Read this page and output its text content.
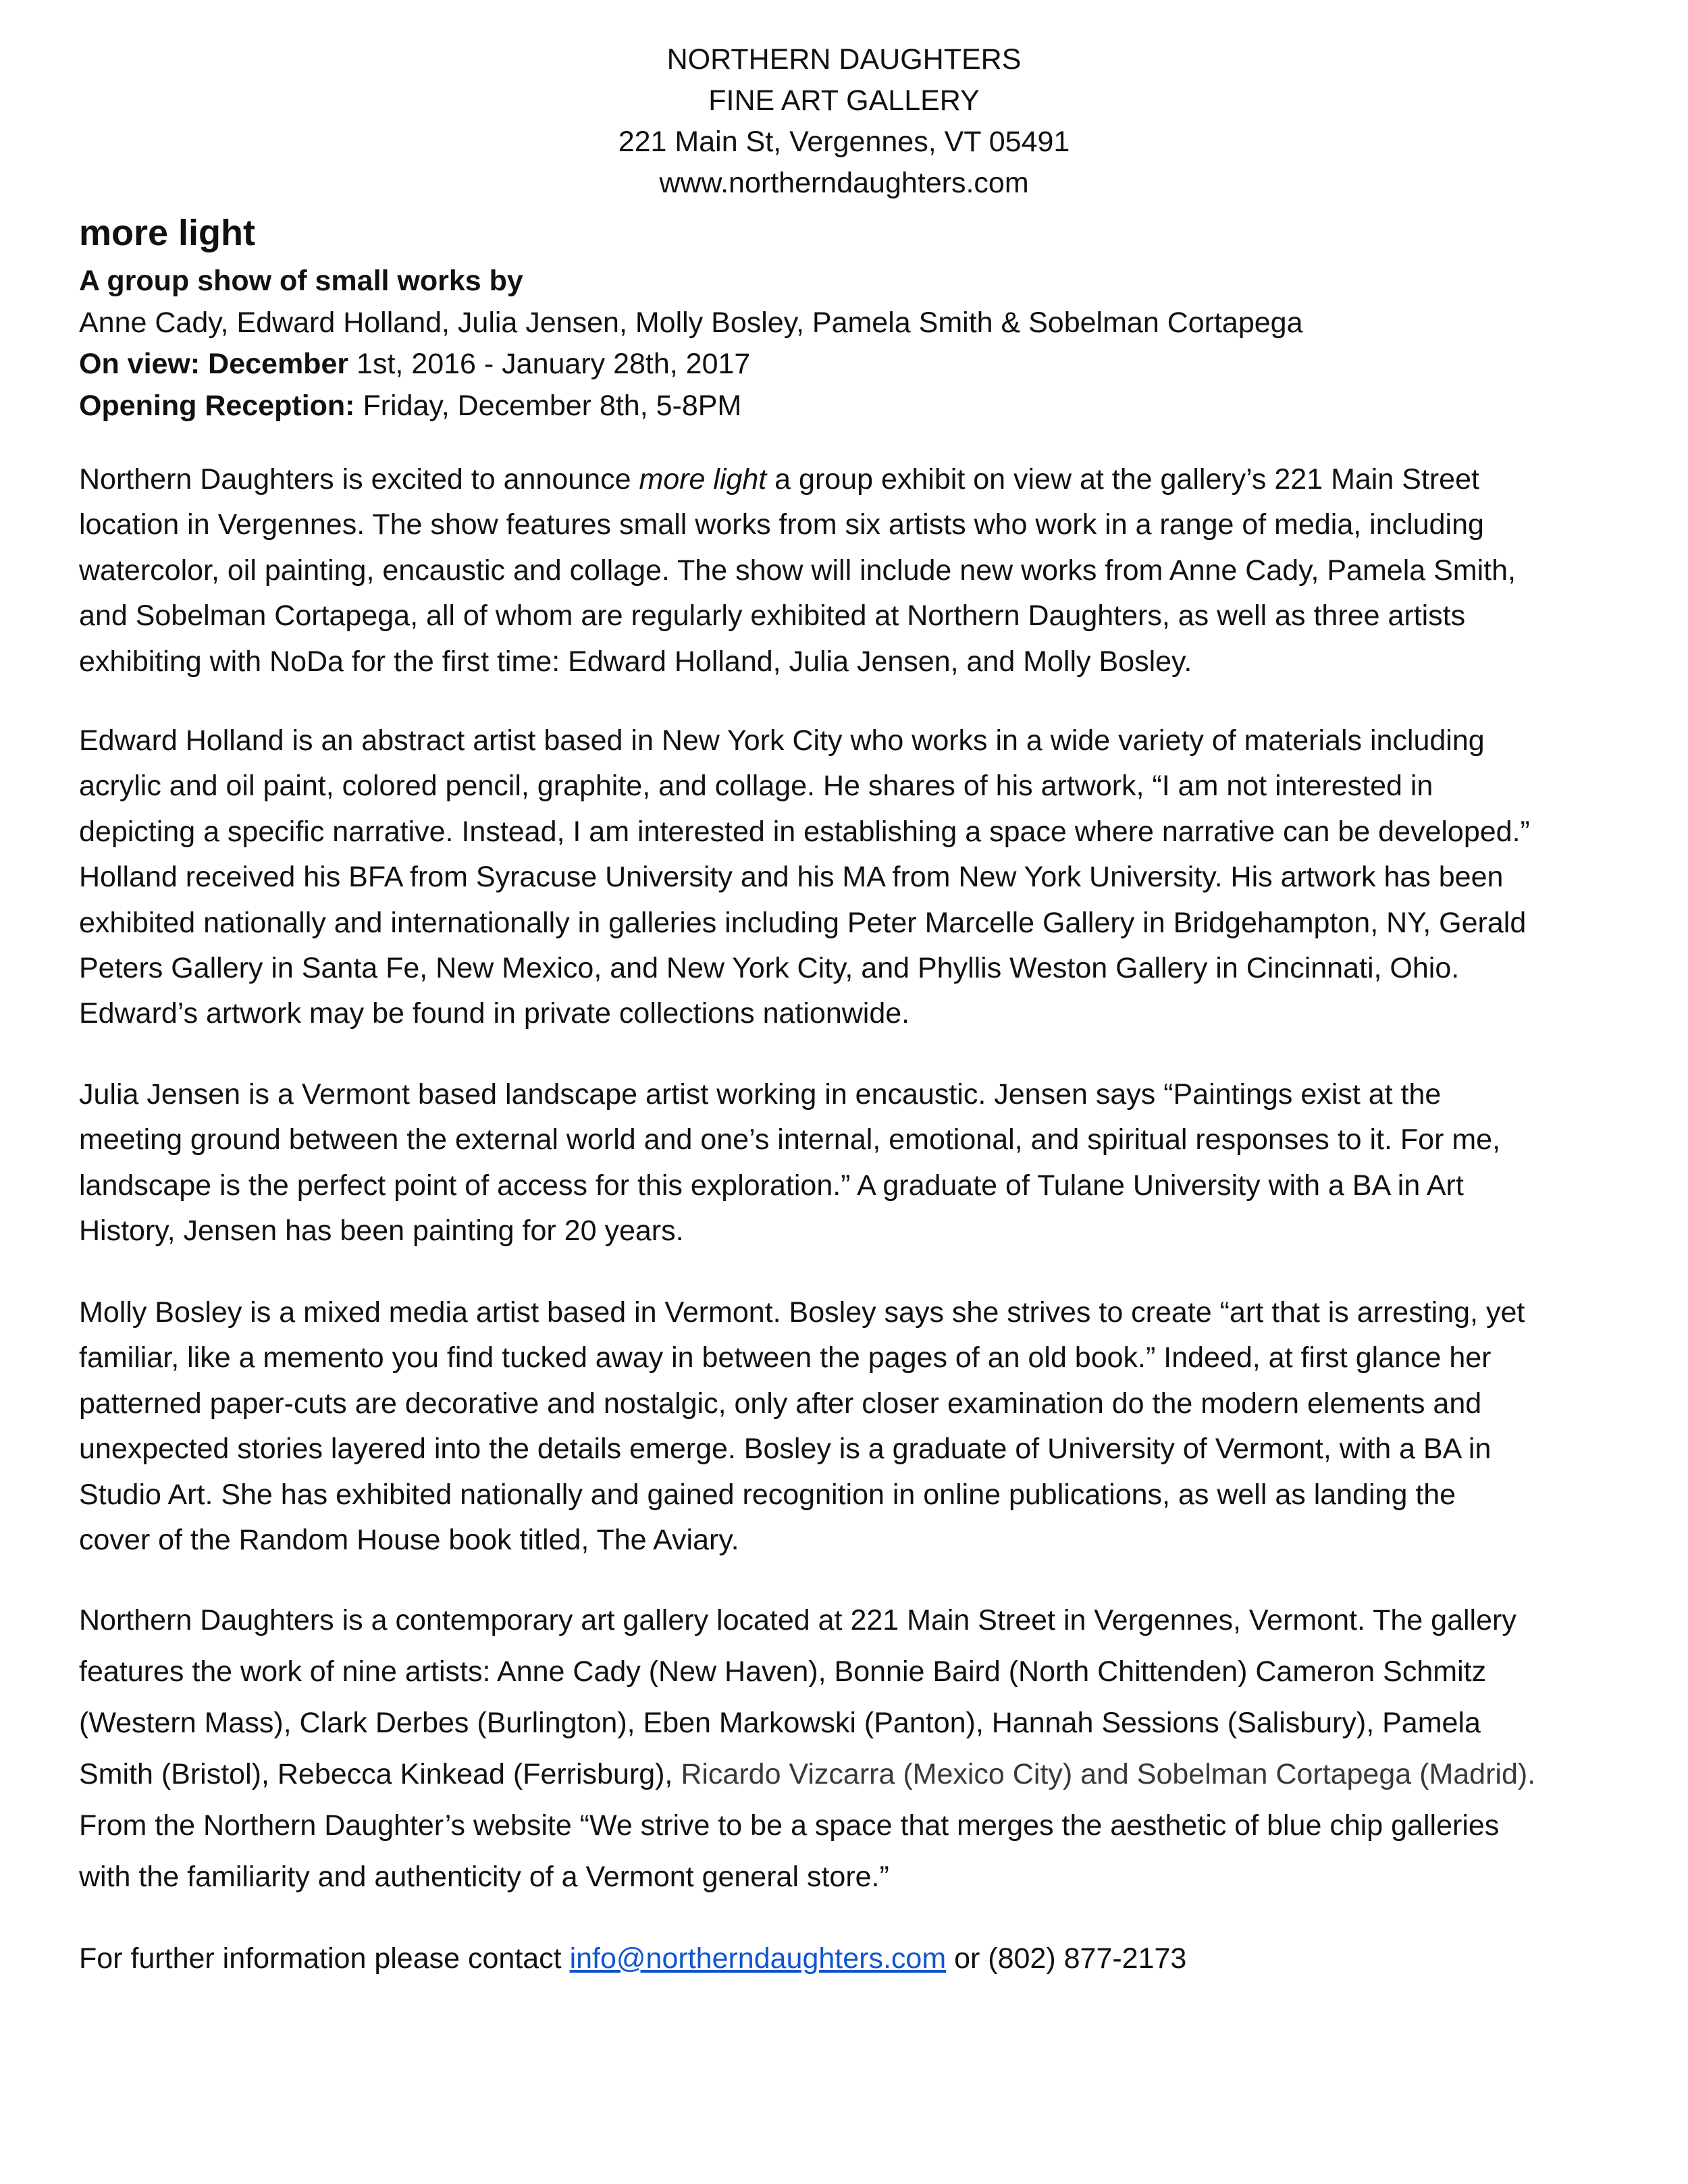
NORTHERN DAUGHTERS
FINE ART GALLERY
221 Main St, Vergennes, VT 05491
www.northerndaughters.com
more light
A group show of small works by
Anne Cady, Edward Holland, Julia Jensen, Molly Bosley, Pamela Smith & Sobelman Cortapega
On view: December 1st, 2016 - January 28th, 2017
Opening Reception: Friday, December 8th, 5-8PM
Northern Daughters is excited to announce more light a group exhibit on view at the gallery’s 221 Main Street
location in Vergennes. The show features small works from six artists who work in a range of media, including
watercolor, oil painting, encaustic and collage. The show will include new works from Anne Cady, Pamela Smith,
and Sobelman Cortapega, all of whom are regularly exhibited at Northern Daughters, as well as three artists
exhibiting with NoDa for the first time: Edward Holland, Julia Jensen, and Molly Bosley.
Edward Holland is an abstract artist based in New York City who works in a wide variety of materials including
acrylic and oil paint, colored pencil, graphite, and collage. He shares of his artwork, “I am not interested in
depicting a specific narrative. Instead, I am interested in establishing a space where narrative can be developed.”
Holland received his BFA from Syracuse University and his MA from New York University. His artwork has been
exhibited nationally and internationally in galleries including Peter Marcelle Gallery in Bridgehampton, NY, Gerald
Peters Gallery in Santa Fe, New Mexico, and New York City, and Phyllis Weston Gallery in Cincinnati, Ohio.
Edward’s artwork may be found in private collections nationwide.
Julia Jensen is a Vermont based landscape artist working in encaustic. Jensen says “Paintings exist at the
meeting ground between the external world and one’s internal, emotional, and spiritual responses to it. For me,
landscape is the perfect point of access for this exploration.” A graduate of Tulane University with a BA in Art
History, Jensen has been painting for 20 years.
Molly Bosley is a mixed media artist based in Vermont. Bosley says she strives to create “art that is arresting, yet
familiar, like a memento you find tucked away in between the pages of an old book.” Indeed, at first glance her
patterned paper-cuts are decorative and nostalgic, only after closer examination do the modern elements and
unexpected stories layered into the details emerge. Bosley is a graduate of University of Vermont, with a BA in
Studio Art. She has exhibited nationally and gained recognition in online publications, as well as landing the
cover of the Random House book titled, The Aviary.
Northern Daughters is a contemporary art gallery located at 221 Main Street in Vergennes, Vermont. The gallery
features the work of nine artists: Anne Cady (New Haven), Bonnie Baird (North Chittenden) Cameron Schmitz
(Western Mass), Clark Derbes (Burlington), Eben Markowski (Panton), Hannah Sessions (Salisbury), Pamela
Smith (Bristol), Rebecca Kinkead (Ferrisburg), Ricardo Vizcarra (Mexico City) and Sobelman Cortapega (Madrid).
From the Northern Daughter’s website “We strive to be a space that merges the aesthetic of blue chip galleries
with the familiarity and authenticity of a Vermont general store.”
For further information please contact info@northerndaughters.com or (802) 877-2173
